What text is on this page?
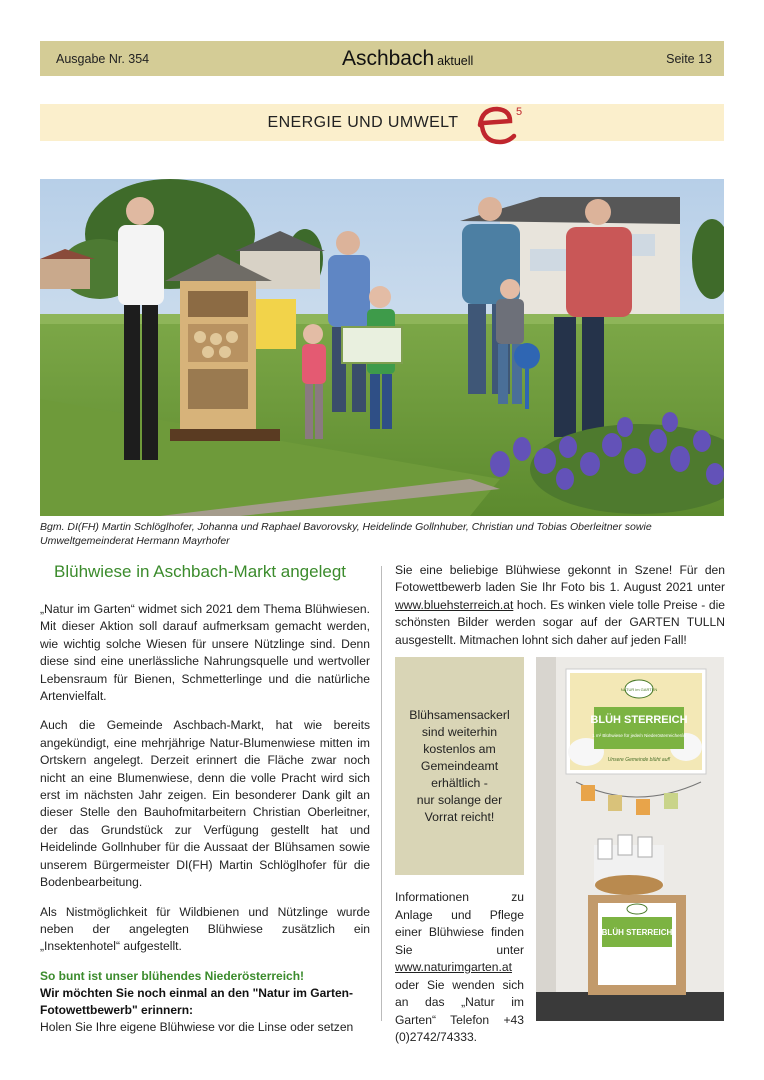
Ausgabe Nr. 354	Aschbach aktuell	Seite 13
ENERGIE UND UMWELT
5
Bgm. DI(FH) Martin Schlöglhofer, Johanna und Raphael Bavorovsky, Heidelinde Gollnhuber, Christian und Tobias Oberleitner sowie Umweltgemeinderat Hermann Mayrhofer
Blühwiese in Aschbach-Markt angelegt

„Natur im Garten“ widmet sich 2021 dem Thema Blühwiesen. Mit dieser Aktion soll darauf aufmerksam gemacht werden, wie wichtig solche Wiesen für unsere Nützlinge sind. Denn diese sind eine unerlässliche Nahrungsquelle und wertvoller Lebensraum für Bienen, Schmetterlinge und die natürliche Artenvielfalt.

Auch die Gemeinde Aschbach-Markt, hat wie bereits angekündigt, eine mehrjährige Natur-Blumenwiese mitten im Ortskern angelegt. Derzeit erinnert die Fläche zwar noch nicht an eine Blumenwiese, denn die volle Pracht wird sich erst im nächsten Jahr zeigen. Ein besonderer Dank gilt an dieser Stelle den Bauhofmitarbeitern Christian Oberleitner, der das Grundstück zur Verfügung gestellt hat und Heidelinde Gollnhuber für die Aussaat der Blühsamen sowie unserem Bürgermeister DI(FH) Martin Schlöglhofer für die Bodenbearbeitung.

Als Nistmöglichkeit für Wildbienen und Nützlinge wurde neben der angelegten Blühwiese zusätzlich ein „Insektenhotel“ aufgestellt.

So bunt ist unser blühendes Niederösterreich!
Wir möchten Sie noch einmal an den "Natur im Garten-Fotowettbewerb" erinnern:
Holen Sie Ihre eigene Blühwiese vor die Linse oder setzen

Sie eine beliebige Blühwiese gekonnt in Szene! Für den Fotowettbewerb laden Sie Ihr Foto bis 1. August 2021 unter www.bluehsterreich.at hoch. Es winken viele tolle Preise - die schönsten Bilder werden sogar auf der GARTEN TULLN ausgestellt. Mitmachen lohnt sich daher auf jeden Fall!

Blühsamensackerl
sind weiterhin
kostenlos am
Gemeindeamt
erhältlich -
nur solange der
Vorrat reicht!
Informationen zu Anlage und Pflege einer Blühwiese finden Sie unter www.naturimgarten.at oder Sie wenden sich an das „Natur im Garten“ Telefon +43 (0)2742/74333.
BLÜH STERREICH
1 m² Blühwiese für jede/n Niederösterreicher/in
Unsere Gemeinde blüht auf!
NATUR im GARTEN
BLÜH STERREICH
